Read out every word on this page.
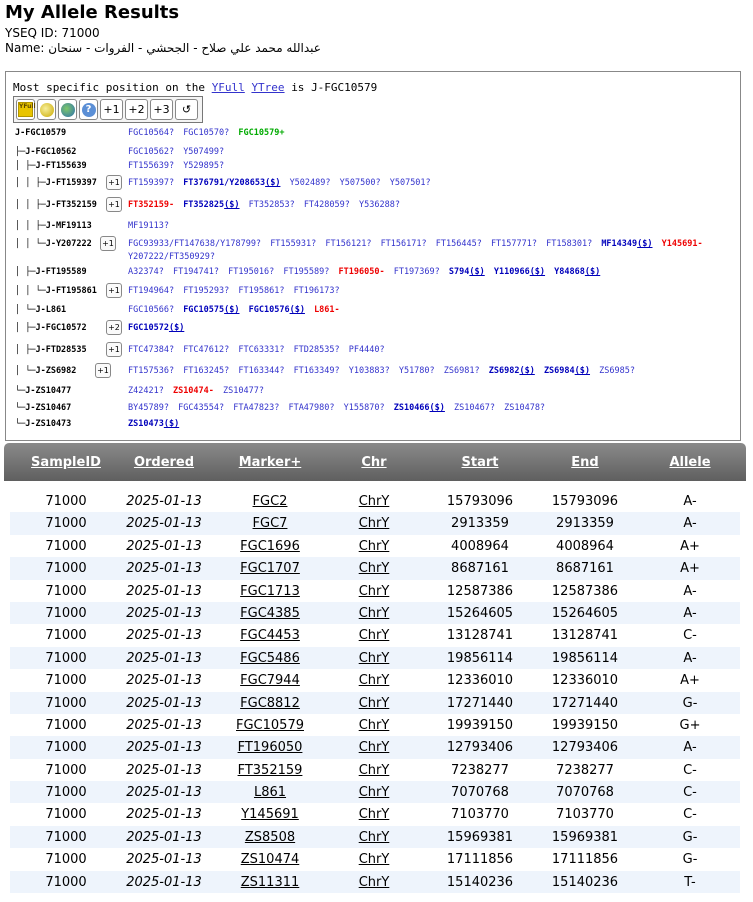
My Allele Results
YSEQ ID: 71000
Name: عبدالله محمد علي صلاح - الجحشي - الفروات - سنحان
Most specific position on the YFull YTree is J-FGC10579
YFull	?	+1 +2 +3	↺
J-FGC10579	FGC10564? FGC10570? FGC10579+
├─J-FGC10562	FGC10562? Y507499?
│ ├─J-FT155639	FT155639? Y529895?
│ │ ├─J-FT159397 +1 FT159397? FT376791/Y208653($) Y502489? Y507500? Y507501?
│ │ ├─J-FT352159 +1 FT352159- FT352825($) FT352853? FT428059? Y536288?
│ │ ├─J-MF19113	MF19113?
│ │ └─J-Y207222 +1 FGC93933/FT147638/Y178799? FT155931? FT156121? FT156171? FT156445? FT157771? FT158301? MF14349($) Y145691- Y207222/FT350929?
│ ├─J-FT195589	A32374? FT194741? FT195016? FT195589? FT196050- FT197369? S794($) Y110966($) Y84868($)
│ │ └─J-FT195861 +1 FT194964? FT195293? FT195861? FT196173?
│ └─J-L861	FGC10566? FGC10575($) FGC10576($) L861-
│ ├─J-FGC10572	+2 FGC10572($)
│ ├─J-FTD28535	+1 FTC47384? FTC47612? FTC63331? FTD28535? PF4440?
│ └─J-ZS6982	+1 FT157536? FT163245? FT163344? FT163349? Y103883? Y51780? ZS6981? ZS6982($) ZS6984($) ZS6985?
└─J-ZS10477	Z42421? ZS10474- ZS10477?
└─J-ZS10467	BY45789? FGC43554? FTA47823? FTA47980? Y155870? ZS10466($) ZS10467? ZS10478?
└─J-ZS10473	ZS10473($)
SampleID	Ordered	Marker+	Chr	Start	End	Allele
71000	2025-01-13	FGC2	ChrY	15793096	15793096	A-
71000	2025-01-13	FGC7	ChrY	2913359	2913359	A-
71000	2025-01-13	FGC1696	ChrY	4008964	4008964	A+
71000	2025-01-13	FGC1707	ChrY	8687161	8687161	A+
71000	2025-01-13	FGC1713	ChrY	12587386	12587386	A-
71000	2025-01-13	FGC4385	ChrY	15264605	15264605	A-
71000	2025-01-13	FGC4453	ChrY	13128741	13128741	C-
71000	2025-01-13	FGC5486	ChrY	19856114	19856114	A-
71000	2025-01-13	FGC7944	ChrY	12336010	12336010	A+
71000	2025-01-13	FGC8812	ChrY	17271440	17271440	G-
71000	2025-01-13	FGC10579	ChrY	19939150	19939150	G+
71000	2025-01-13	FT196050	ChrY	12793406	12793406	A-
71000	2025-01-13	FT352159	ChrY	7238277	7238277	C-
71000	2025-01-13	L861	ChrY	7070768	7070768	C-
71000	2025-01-13	Y145691	ChrY	7103770	7103770	C-
71000	2025-01-13	ZS8508	ChrY	15969381	15969381	G-
71000	2025-01-13	ZS10474	ChrY	17111856	17111856	G-
71000	2025-01-13	ZS11311	ChrY	15140236	15140236	T-
